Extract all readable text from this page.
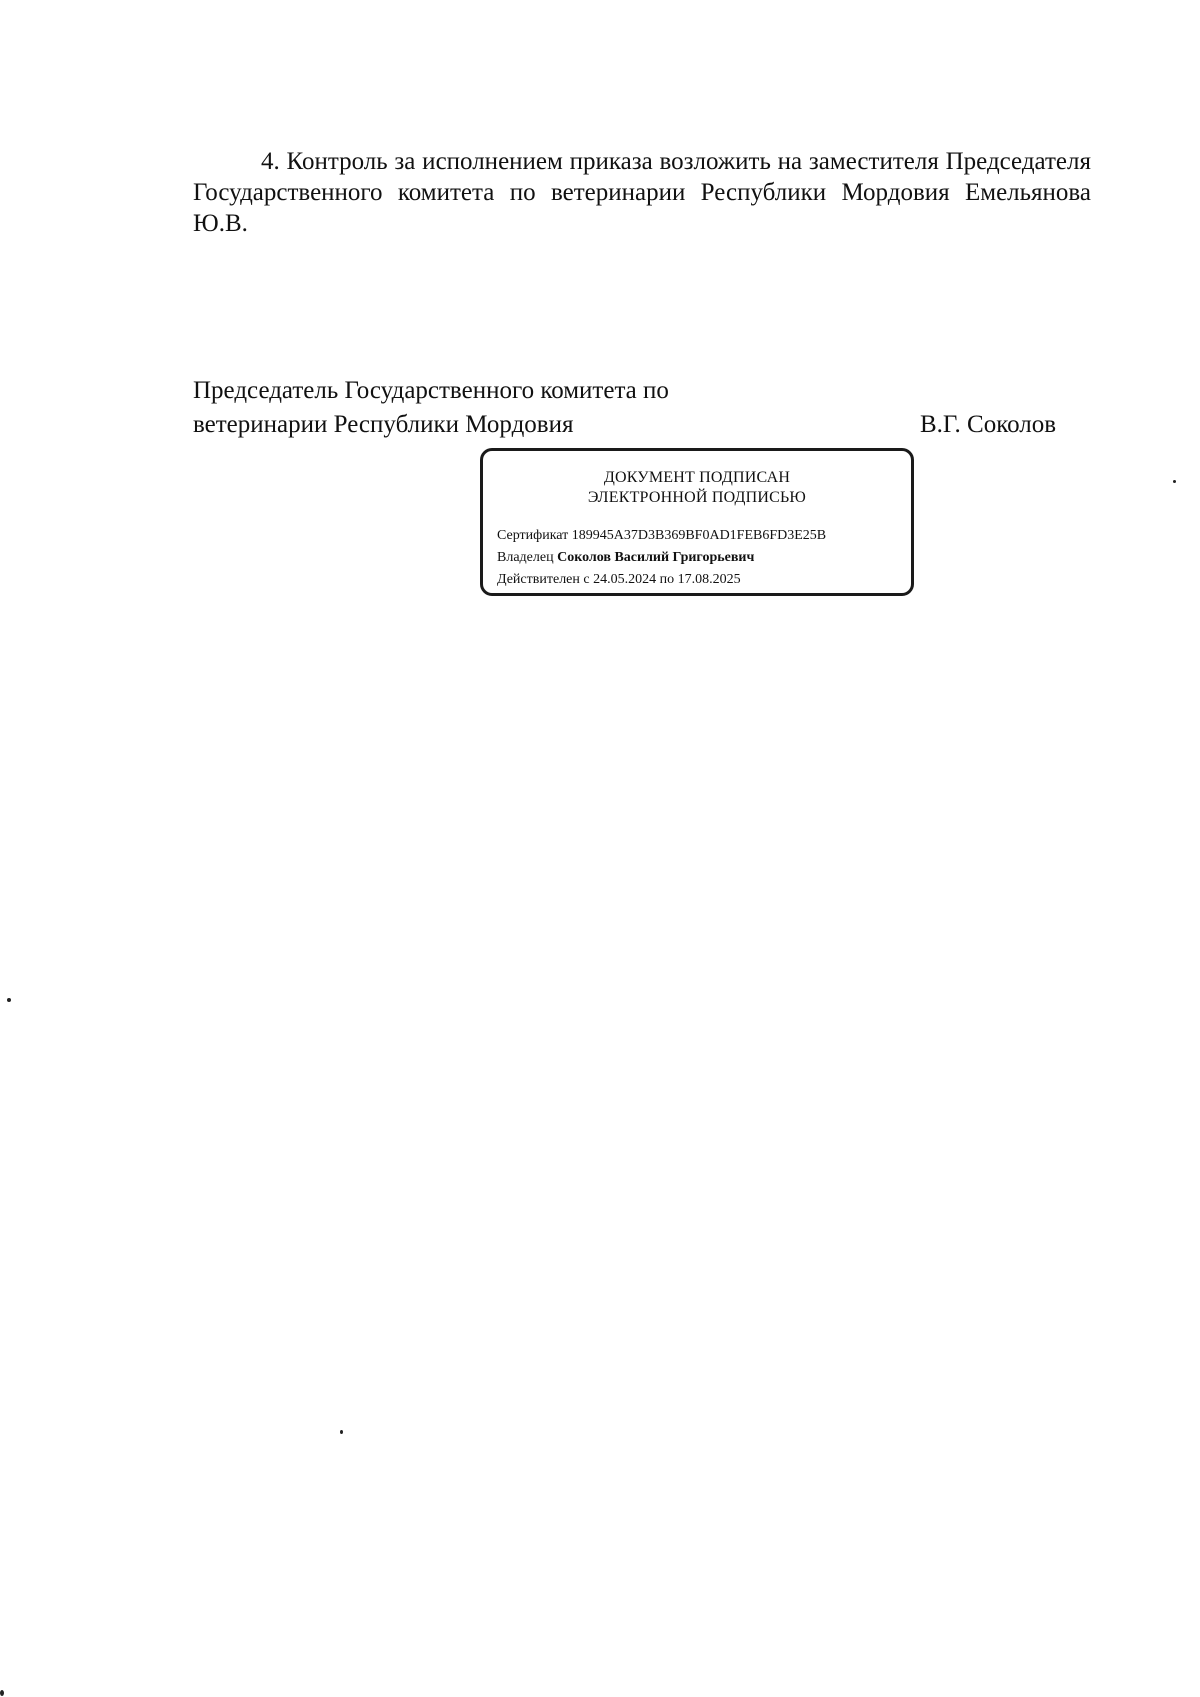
4. Контроль за исполнением приказа возложить на заместителя Председателя Государственного комитета по ветеринарии Республики Мордовия Емельянова Ю.В.

Председатель Государственного комитета по
ветеринарии Республики Мордовия	В.Г. Соколов
ДОКУМЕНТ ПОДПИСАН
ЭЛЕКТРОННОЙ ПОДПИСЬЮ
Сертификат 189945A37D3B369BF0AD1FEB6FD3E25B
Владелец Соколов Василий Григорьевич
Действителен с 24.05.2024 по 17.08.2025
